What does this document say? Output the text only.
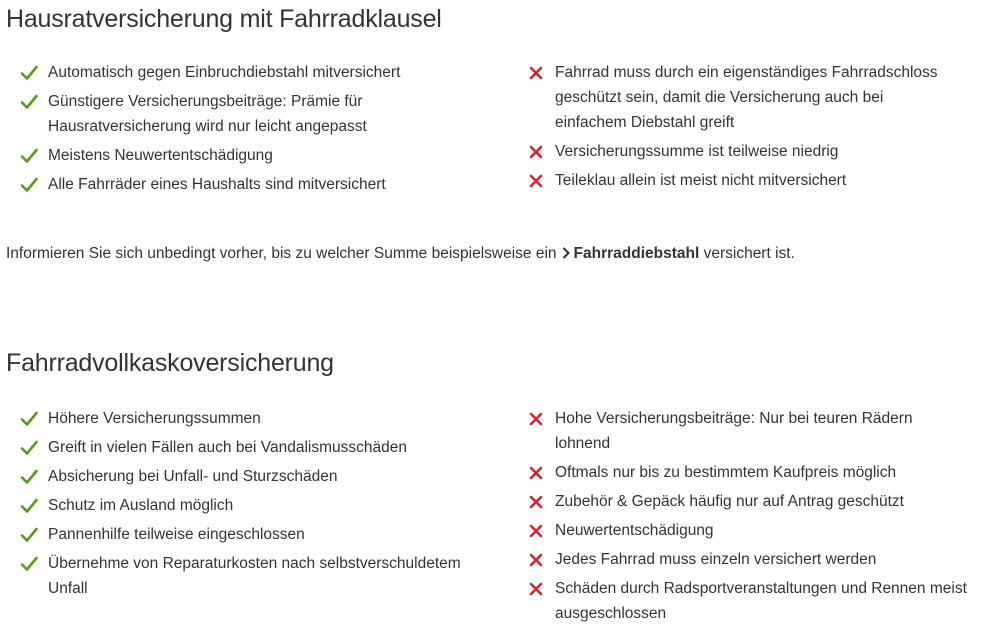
Hausratversicherung mit Fahrradklausel
Automatisch gegen Einbruchdiebstahl mitversichert
Günstigere Versicherungsbeiträge: Prämie für Hausratversicherung wird nur leicht angepasst
Meistens Neuwertentschädigung
Alle Fahrräder eines Haushalts sind mitversichert
Fahrrad muss durch ein eigenständiges Fahrradschloss geschützt sein, damit die Versicherung auch bei einfachem Diebstahl greift
Versicherungssumme ist teilweise niedrig
Teileklau allein ist meist nicht mitversichert

Informieren Sie sich unbedingt vorher, bis zu welcher Summe beispielsweise ein Fahrraddiebstahl versichert ist.

Fahrradvollkaskoversicherung
Höhere Versicherungssummen
Greift in vielen Fällen auch bei Vandalismusschäden
Absicherung bei Unfall- und Sturzschäden
Schutz im Ausland möglich
Pannenhilfe teilweise eingeschlossen
Übernehme von Reparaturkosten nach selbstverschuldetem Unfall
Hohe Versicherungsbeiträge: Nur bei teuren Rädern lohnend
Oftmals nur bis zu bestimmtem Kaufpreis möglich
Zubehör & Gepäck häufig nur auf Antrag geschützt
Neuwertentschädigung
Jedes Fahrrad muss einzeln versichert werden
Schäden durch Radsportveranstaltungen und Rennen meist ausgeschlossen
